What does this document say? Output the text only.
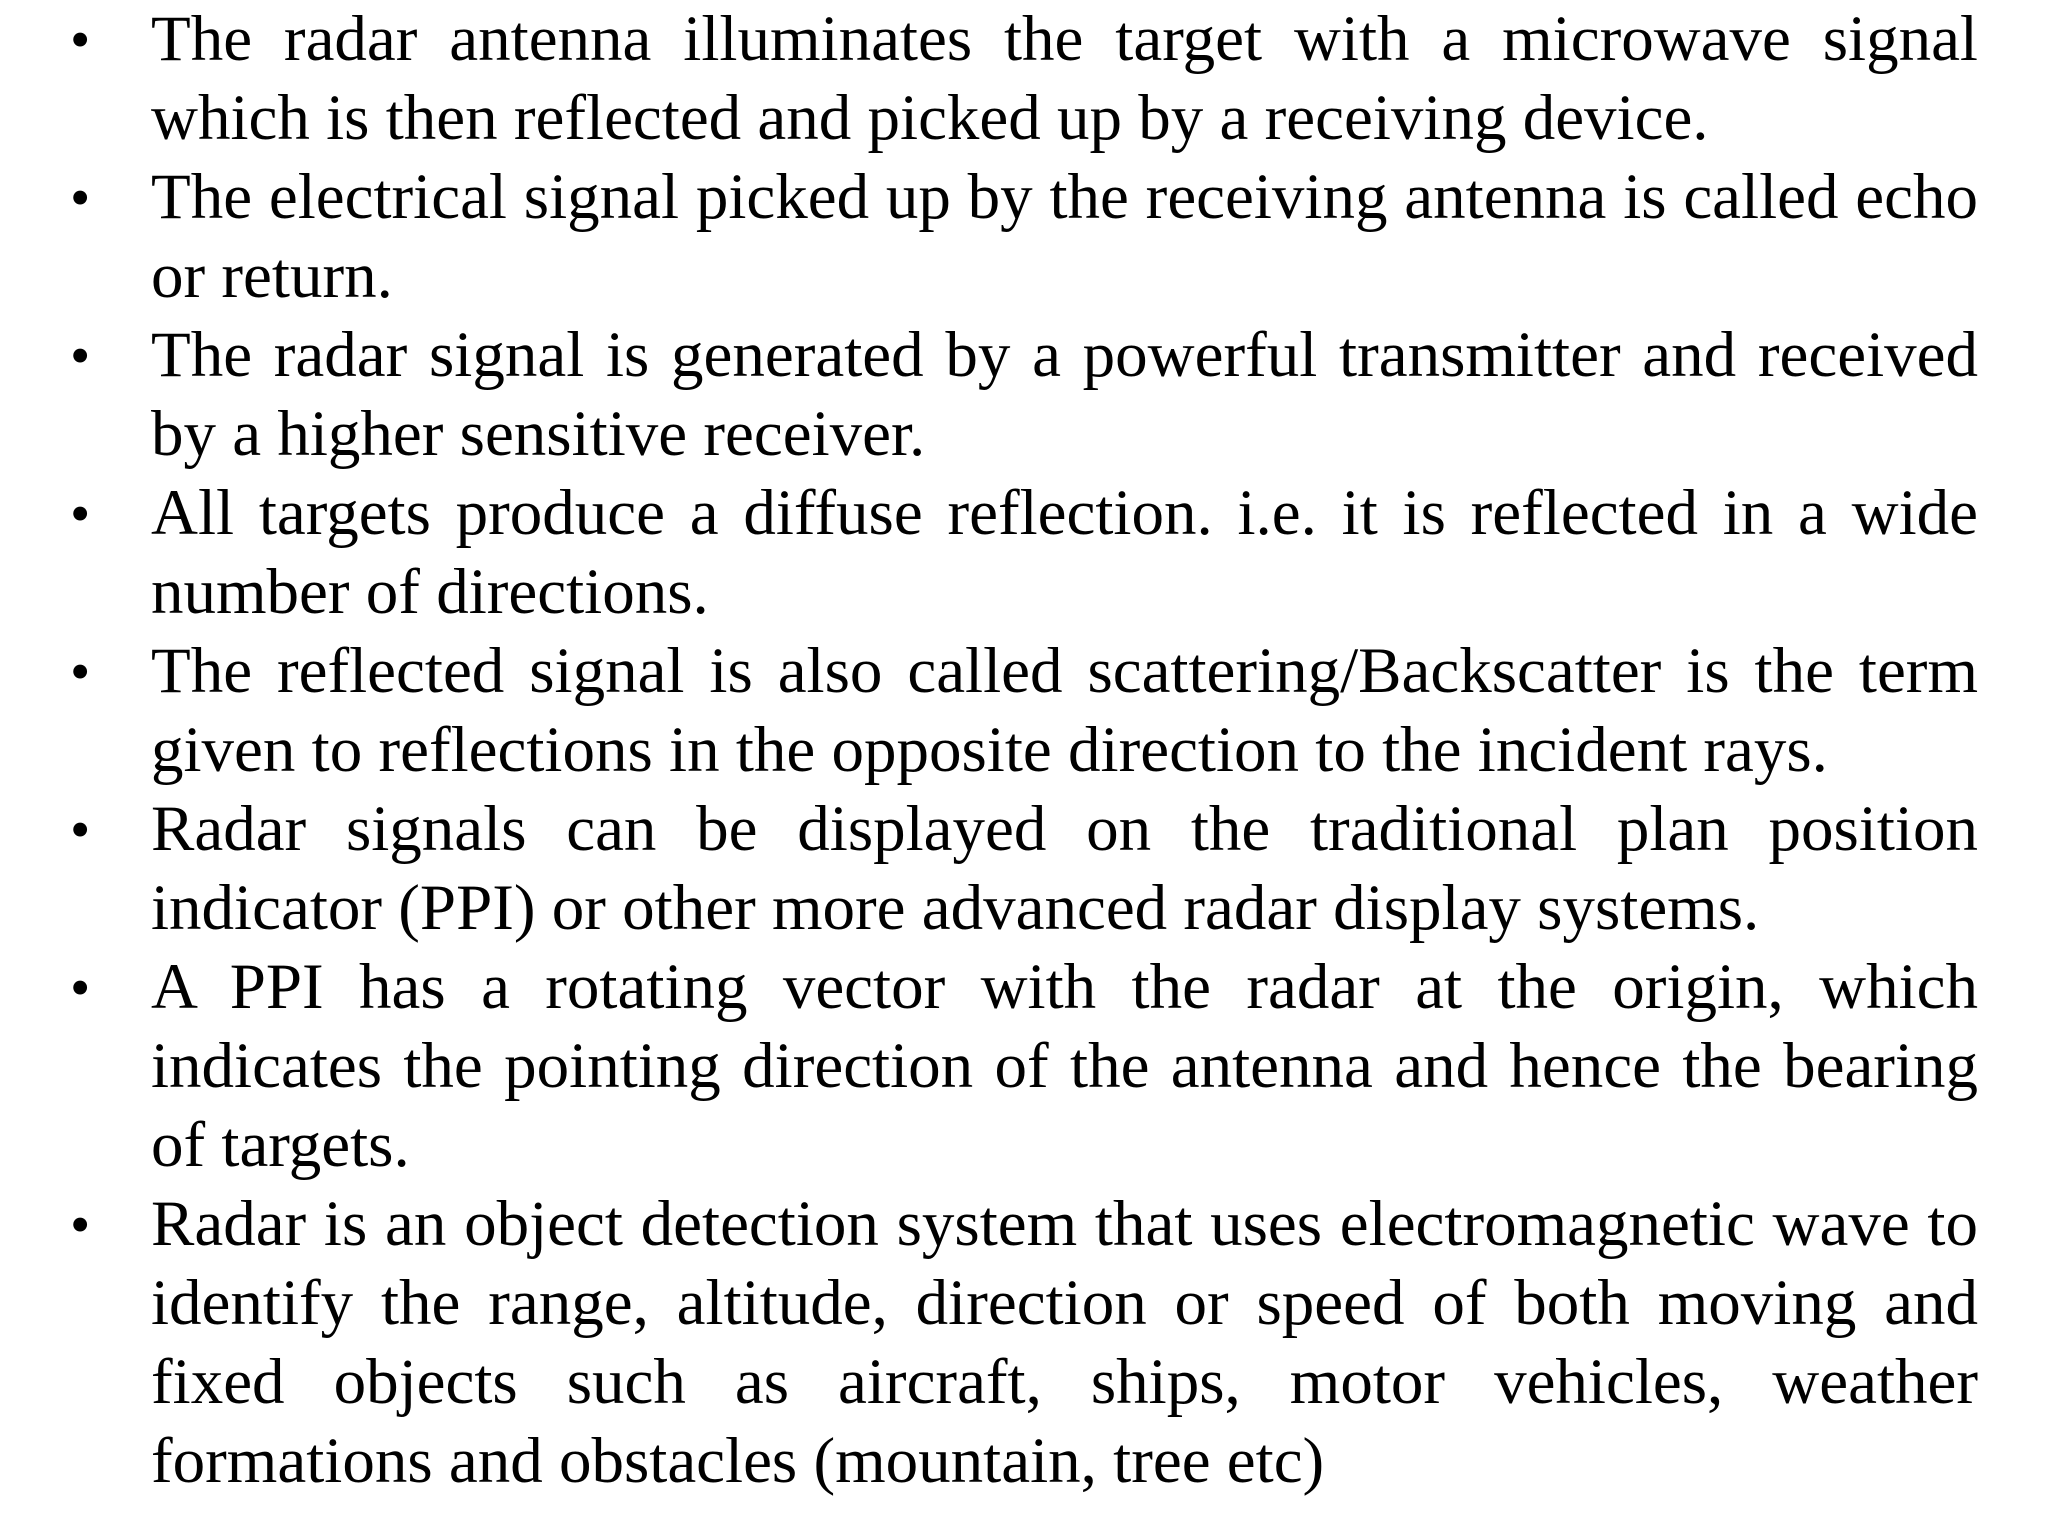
• The radar antenna illuminates the target with a microwave signal which is then reflected and picked up by a receiving device.
• The electrical signal picked up by the receiving antenna is called echo or return.
• The radar signal is generated by a powerful transmitter and received by a higher sensitive receiver.
• All targets produce a diffuse reflection. i.e. it is reflected in a wide number of directions.
• The reflected signal is also called scattering/Backscatter is the term given to reflections in the opposite direction to the incident rays.
• Radar signals can be displayed on the traditional plan position indicator (PPI) or other more advanced radar display systems.
• A PPI has a rotating vector with the radar at the origin, which indicates the pointing direction of the antenna and hence the bearing of targets.
• Radar is an object detection system that uses electromagnetic wave to identify the range, altitude, direction or speed of both moving and fixed objects such as aircraft, ships, motor vehicles, weather formations and obstacles (mountain, tree etc)
